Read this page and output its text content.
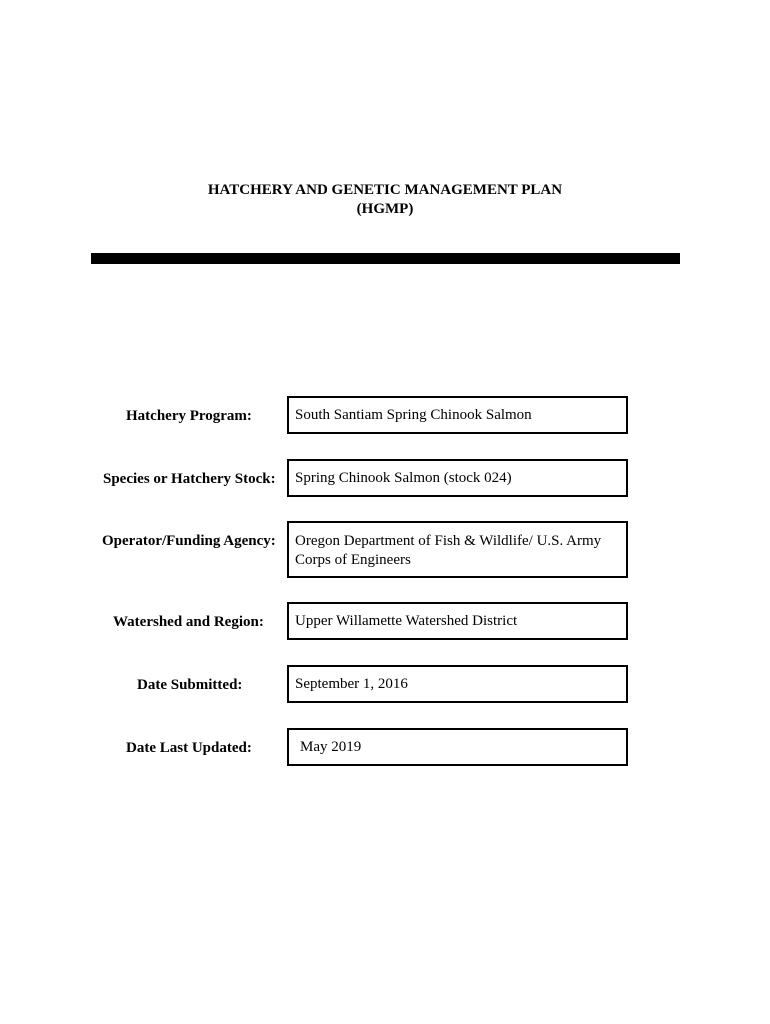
HATCHERY AND GENETIC MANAGEMENT PLAN
(HGMP)
Hatchery Program:	South Santiam Spring Chinook Salmon
Species or Hatchery Stock:	Spring Chinook Salmon (stock 024)
Operator/Funding Agency: Oregon Department of Fish & Wildlife/ U.S. Army
Corps of Engineers
Watershed and Region:	Upper Willamette Watershed District
Date Submitted:	September 1, 2016
Date Last Updated:	May 2019
